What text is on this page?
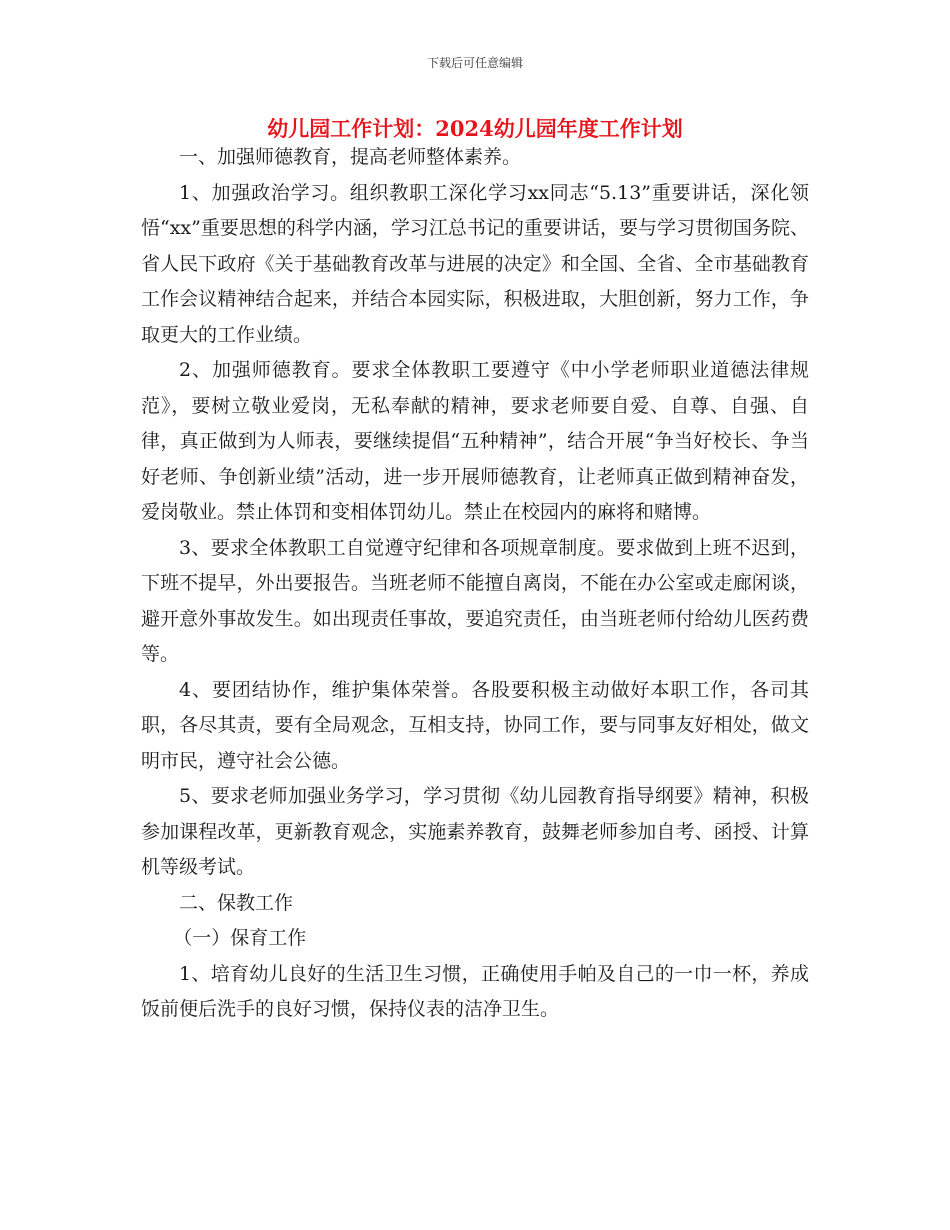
下载后可任意编辑
幼儿园工作计划：2024幼儿园年度工作计划

一、加强师德教育，提高老师整体素养。

1、加强政治学习。组织教职工深化学习xx同志“5.13”重要讲话，深化领悟“xx”重要思想的科学内涵，学习江总书记的重要讲话，要与学习贯彻国务院、省人民下政府《关于基础教育改革与进展的决定》和全国、全省、全市基础教育工作会议精神结合起来，并结合本园实际，积极进取，大胆创新，努力工作，争取更大的工作业绩。

2、加强师德教育。要求全体教职工要遵守《中小学老师职业道德法律规范》，要树立敬业爱岗，无私奉献的精神，要求老师要自爱、自尊、自强、自律，真正做到为人师表，要继续提倡“五种精神”，结合开展“争当好校长、争当好老师、争创新业绩”活动，进一步开展师德教育，让老师真正做到精神奋发，爱岗敬业。禁止体罚和变相体罚幼儿。禁止在校园内的麻将和赌博。

3、要求全体教职工自觉遵守纪律和各项规章制度。要求做到上班不迟到，下班不提早，外出要报告。当班老师不能擅自离岗，不能在办公室或走廊闲谈，避开意外事故发生。如出现责任事故，要追究责任，由当班老师付给幼儿医药费等。

4、要团结协作，维护集体荣誉。各股要积极主动做好本职工作，各司其职，各尽其责，要有全局观念，互相支持，协同工作，要与同事友好相处，做文明市民，遵守社会公德。

5、要求老师加强业务学习，学习贯彻《幼儿园教育指导纲要》精神，积极参加课程改革，更新教育观念，实施素养教育，鼓舞老师参加自考、函授、计算机等级考试。

二、保教工作

（一）保育工作

1、培育幼儿良好的生活卫生习惯，正确使用手帕及自己的一巾一杯，养成饭前便后洗手的良好习惯，保持仪表的洁净卫生。
